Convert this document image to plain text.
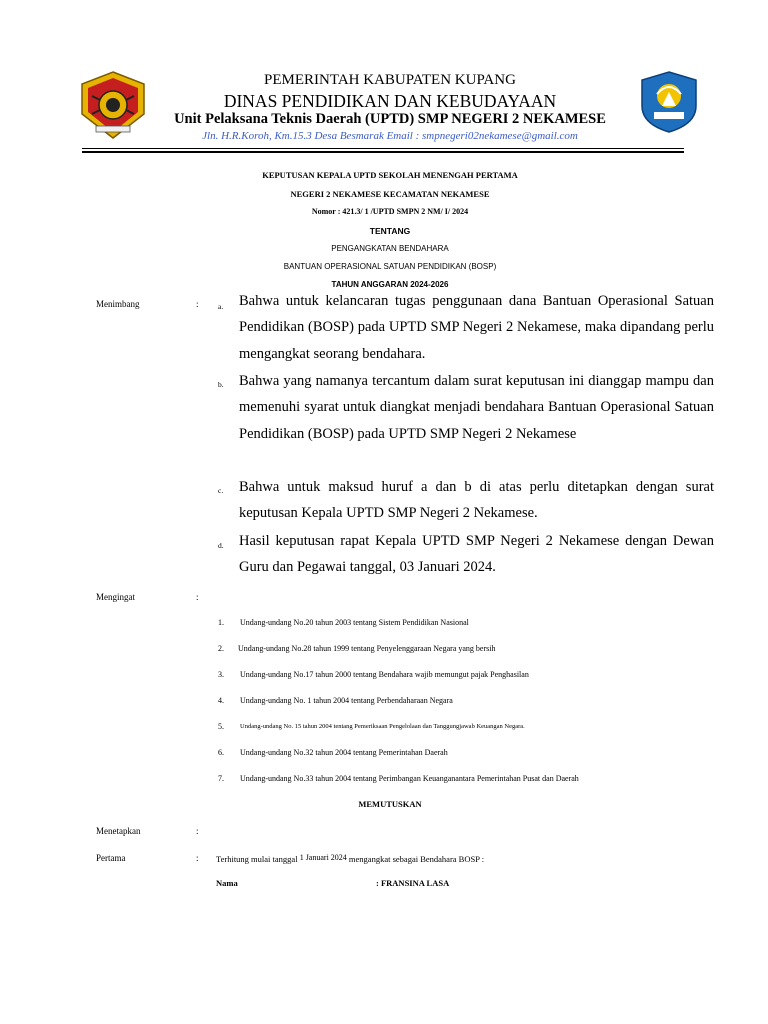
PEMERINTAH KABUPATEN KUPANG

DINAS PENDIDIKAN DAN KEBUDAYAAN

Unit Pelaksana Teknis Daerah (UPTD) SMP NEGERI 2 NEKAMESE

Jln. H.R.Koroh, Km.15.3 Desa Besmarak Email : smpnegeri02nekamese@gmail.com

KEPUTUSAN KEPALA UPTD SEKOLAH MENENGAH PERTAMA

NEGERI 2 NEKAMESE KECAMATAN NEKAMESE

Nomor : 421.3/ 1 /UPTD SMPN 2 NM/ I/ 2024

TENTANG

PENGANGKATAN BENDAHARA

BANTUAN OPERASIONAL SATUAN PENDIDIKAN (BOSP)

TAHUN ANGGARAN 2024-2026

Menimbang	:	a. Bahwa untuk kelancaran tugas penggunaan dana Bantuan Operasional Satuan Pendidikan (BOSP) pada UPTD SMP Negeri 2 Nekamese, maka dipandang perlu mengangkat seorang bendahara.

b. Bahwa yang namanya tercantum dalam surat keputusan ini dianggap mampu dan memenuhi syarat untuk diangkat menjadi bendahara Bantuan Operasional Satuan Pendidikan (BOSP) pada UPTD SMP Negeri 2 Nekamese

c. Bahwa untuk maksud huruf a dan b di atas perlu ditetapkan dengan surat keputusan Kepala UPTD SMP Negeri 2 Nekamese.

d. Hasil keputusan rapat Kepala UPTD SMP Negeri 2 Nekamese dengan Dewan Guru dan Pegawai tanggal, 03 Januari 2024.

Mengingat	:

1. Undang-undang No.20 tahun 2003 tentang Sistem Pendidikan Nasional

2. Undang-undang No.28 tahun 1999 tentang Penyelenggaraan Negara yang bersih

3. Undang-undang No.17 tahun 2000 tentang Bendahara wajib memungut pajak Penghasilan

4. Undang-undang No. 1 tahun 2004 tentang Perbendaharaan Negara

5. Undang-undang No. 15 tahun 2004 tentang Pemeriksaan Pengelolaan dan Tanggungjawab Keuangan Negara.

6. Undang-undang No.32 tahun 2004 tentang Pemerintahan Daerah

7. Undang-undang No.33 tahun 2004 tentang Perimbangan Keuanganantara Pemerintahan Pusat dan Daerah

MEMUTUSKAN

Menetapkan	:

Pertama	: Terhitung mulai tanggal $^{1 Januari 2024}$ mengangkat sebagai Bendahara BOSP :

Nama	: FRANSINA LASA
